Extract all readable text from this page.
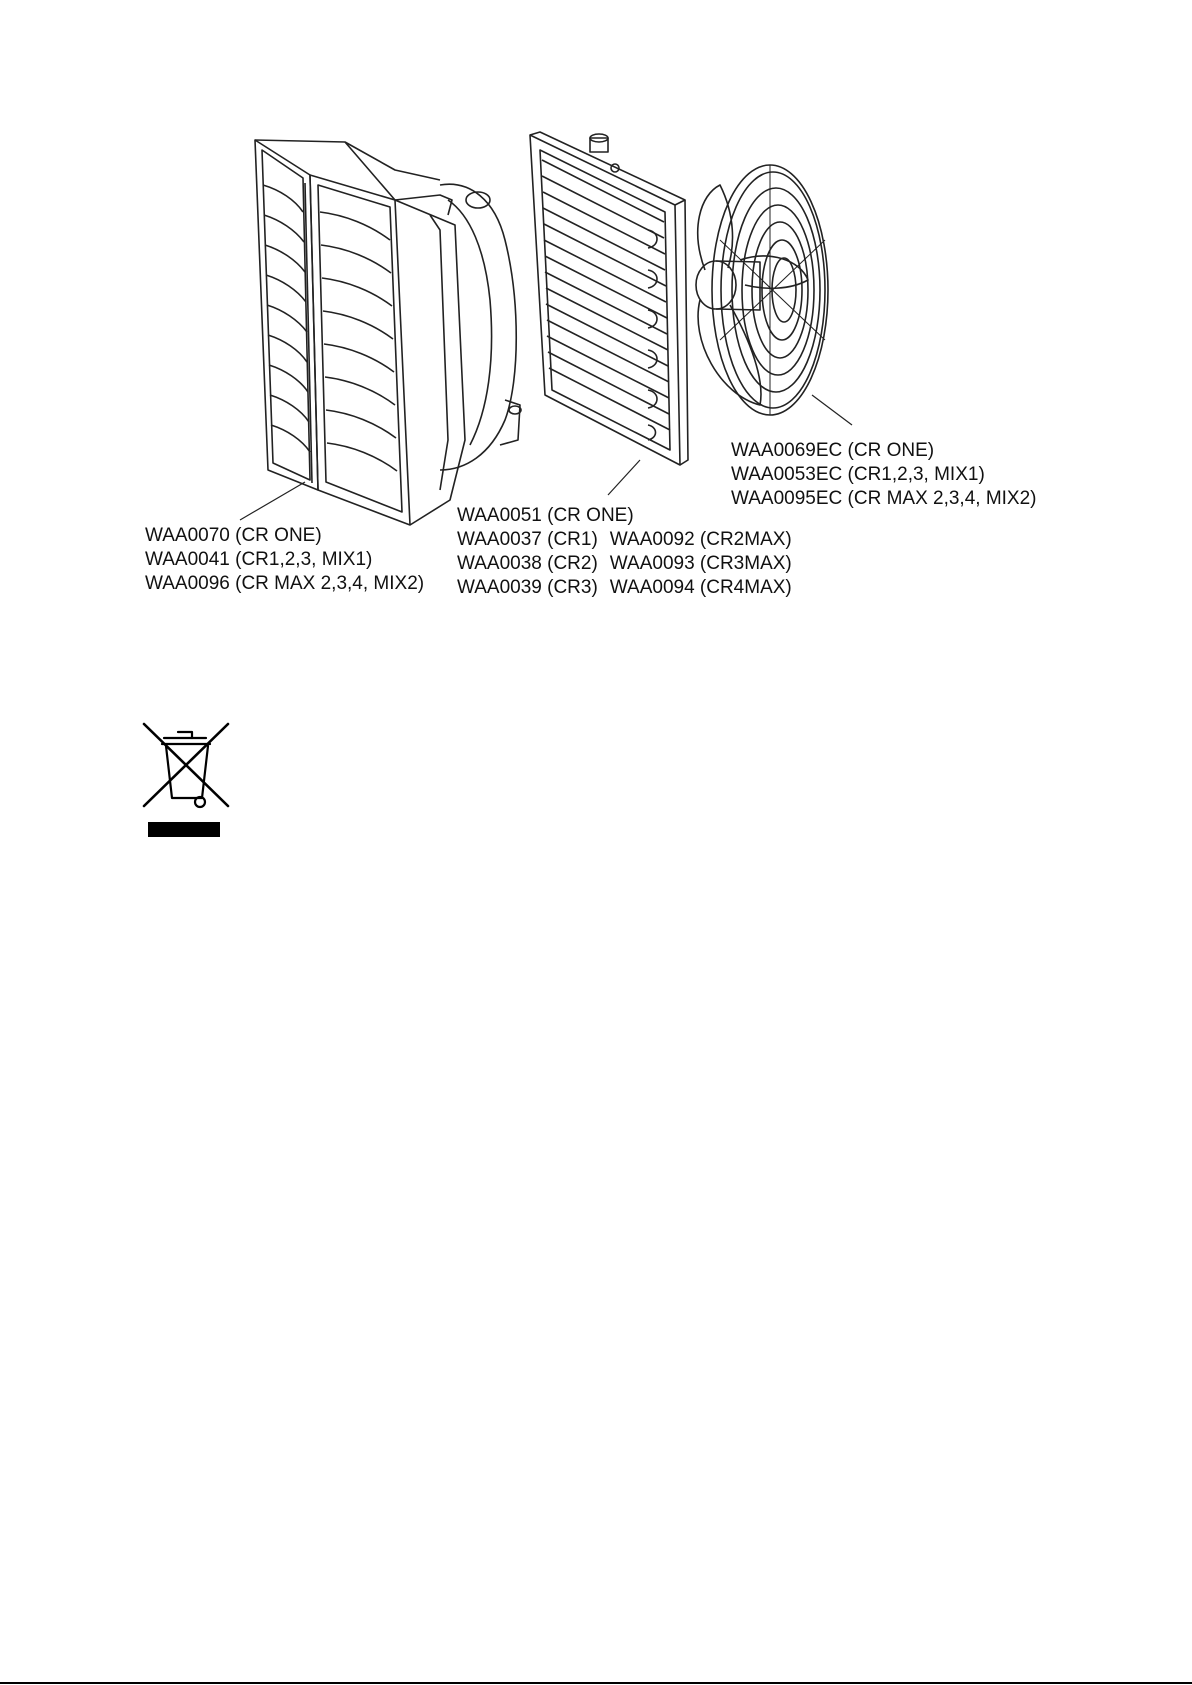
WAA0070 (CR ONE)
WAA0041 (CR1,2,3, MIX1)
WAA0096 (CR MAX 2,3,4, MIX2)
WAA0051 (CR ONE)
WAA0037 (CR1) WAA0092 (CR2MAX)
WAA0038 (CR2) WAA0093 (CR3MAX)
WAA0039 (CR3) WAA0094 (CR4MAX)
WAA0069EC (CR ONE)
WAA0053EC (CR1,2,3, MIX1)
WAA0095EC (CR MAX 2,3,4, MIX2)
